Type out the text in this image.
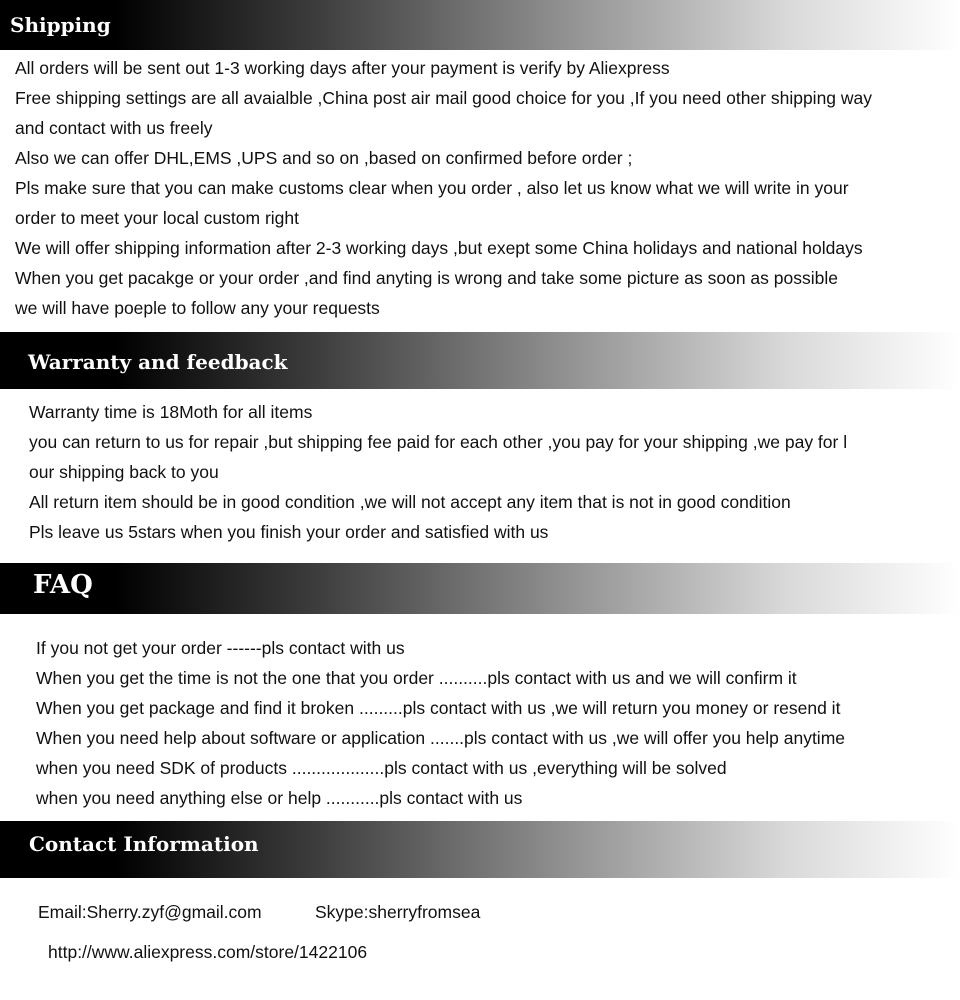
Shipping
All orders will be sent out 1-3 working days after your payment is verify by Aliexpress
Free shipping settings are all avaialble ,China post air mail good choice for you ,If you need other shipping way
and contact with us freely
Also we can offer DHL,EMS ,UPS and so on ,based on confirmed before order ;
Pls make sure that you can make customs clear when you order , also let us know what we will write in your
order to meet your local custom right
We will offer shipping information after 2-3 working days ,but exept some China holidays and national holdays
When you get pacakge or your order ,and find anyting is wrong and take some picture as soon as possible
we will have poeple to follow any your requests
Warranty and feedback
Warranty time is 18Moth for all items
you can return to us for repair ,but shipping fee paid for each other ,you pay for your shipping ,we pay for l
our shipping back to you
All return item should be in good condition ,we will not accept any item that is not in good condition
Pls leave us 5stars when you finish your order and satisfied with us
FAQ
If you not get your order ------pls contact with us
When you get the time is not the one that you order ..........pls contact with us and we will confirm it
When you get package and find it broken .........pls contact with us ,we will return you money or resend it
When you need help about software or application .......pls contact with us ,we will offer you help anytime
when you need SDK of products ...................pls contact with us ,everything will be solved
when you need anything else or help ...........pls contact with us
Contact Information
Email:Sherry.zyf@gmail.com	Skype:sherryfromsea
http://www.aliexpress.com/store/1422106
